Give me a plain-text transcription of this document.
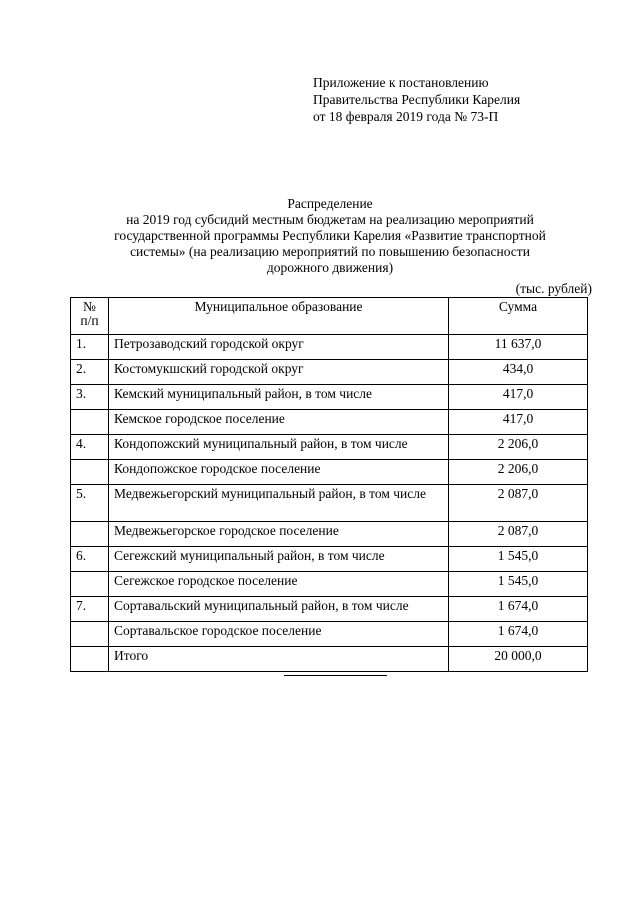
Приложение к постановлению
Правительства Республики Карелия
от 18 февраля 2019 года № 73-П
Распределение
на 2019 год субсидий местным бюджетам на реализацию мероприятий
государственной программы Республики Карелия «Развитие транспортной
системы» (на реализацию мероприятий по повышению безопасности
дорожного движения)
(тыс. рублей)
№
п/п	Муниципальное образование	Сумма
1.	Петрозаводский городской округ	11 637,0
2.	Костомукшский городской округ	434,0
3.	Кемский муниципальный район, в том числе	417,0
	Кемское городское поселение	417,0
4.	Кондопожский муниципальный район, в том числе	2 206,0
	Кондопожское городское поселение	2 206,0
5.	Медвежьегорский муниципальный район, в том числе	2 087,0
	Медвежьегорское городское поселение	2 087,0
6.	Сегежский муниципальный район, в том числе	1 545,0
	Сегежское городское поселение	1 545,0
7.	Сортавальский муниципальный район, в том числе	1 674,0
	Сортавальское городское поселение	1 674,0
	Итого	20 000,0
